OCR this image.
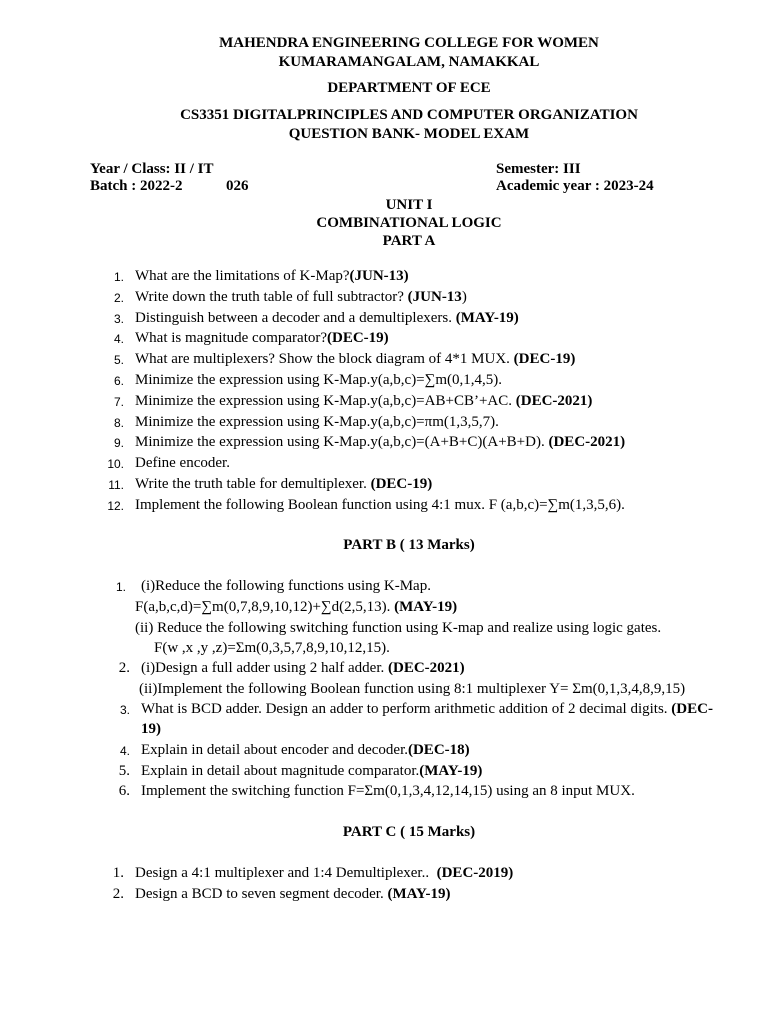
MAHENDRA ENGINEERING COLLEGE FOR WOMEN
KUMARAMANGALAM, NAMAKKAL
DEPARTMENT OF ECE
CS3351 DIGITALPRINCIPLES AND COMPUTER ORGANIZATION
QUESTION BANK- MODEL EXAM
Year / Class: II / IT
Batch : 2022-2	026
Semester: III
Academic year : 2023-24
UNIT I
COMBINATIONAL LOGIC
PART A
1. What are the limitations of K-Map?(JUN-13)
2. Write down the truth table of full subtractor? (JUN-13)
3. Distinguish between a decoder and a demultiplexers. (MAY-19)
4. What is magnitude comparator?(DEC-19)
5. What are multiplexers? Show the block diagram of 4*1 MUX. (DEC-19)
6. Minimize the expression using K-Map.y(a,b,c)=∑m(0,1,4,5).
7. Minimize the expression using K-Map.y(a,b,c)=AB+CB’+AC. (DEC-2021)
8. Minimize the expression using K-Map.y(a,b,c)=πm(1,3,5,7).
9. Minimize the expression using K-Map.y(a,b,c)=(A+B+C)(A+B+D). (DEC-2021)
10. Define encoder.
11. Write the truth table for demultiplexer. (DEC-19)
12. Implement the following Boolean function using 4:1 mux. F (a,b,c)=∑m(1,3,5,6).
PART B ( 13 Marks)
1. (i)Reduce the following functions using K-Map.
F(a,b,c,d)=∑m(0,7,8,9,10,12)+∑d(2,5,13). (MAY-19)
(ii) Reduce the following switching function using K-map and realize using logic gates.
F(w ,x ,y ,z)=Σm(0,3,5,7,8,9,10,12,15).
2. (i)Design a full adder using 2 half adder. (DEC-2021)
(ii)Implement the following Boolean function using 8:1 multiplexer Y= Σm(0,1,3,4,8,9,15)
3. What is BCD adder. Design an adder to perform arithmetic addition of 2 decimal digits. (DEC-
19)
4. Explain in detail about encoder and decoder.(DEC-18)
5. Explain in detail about magnitude comparator.(MAY-19)
6. Implement the switching function F=Σm(0,1,3,4,12,14,15) using an 8 input MUX.
PART C ( 15 Marks)
1. Design a 4:1 multiplexer and 1:4 Demultiplexer..  (DEC-2019)
2. Design a BCD to seven segment decoder. (MAY-19)
